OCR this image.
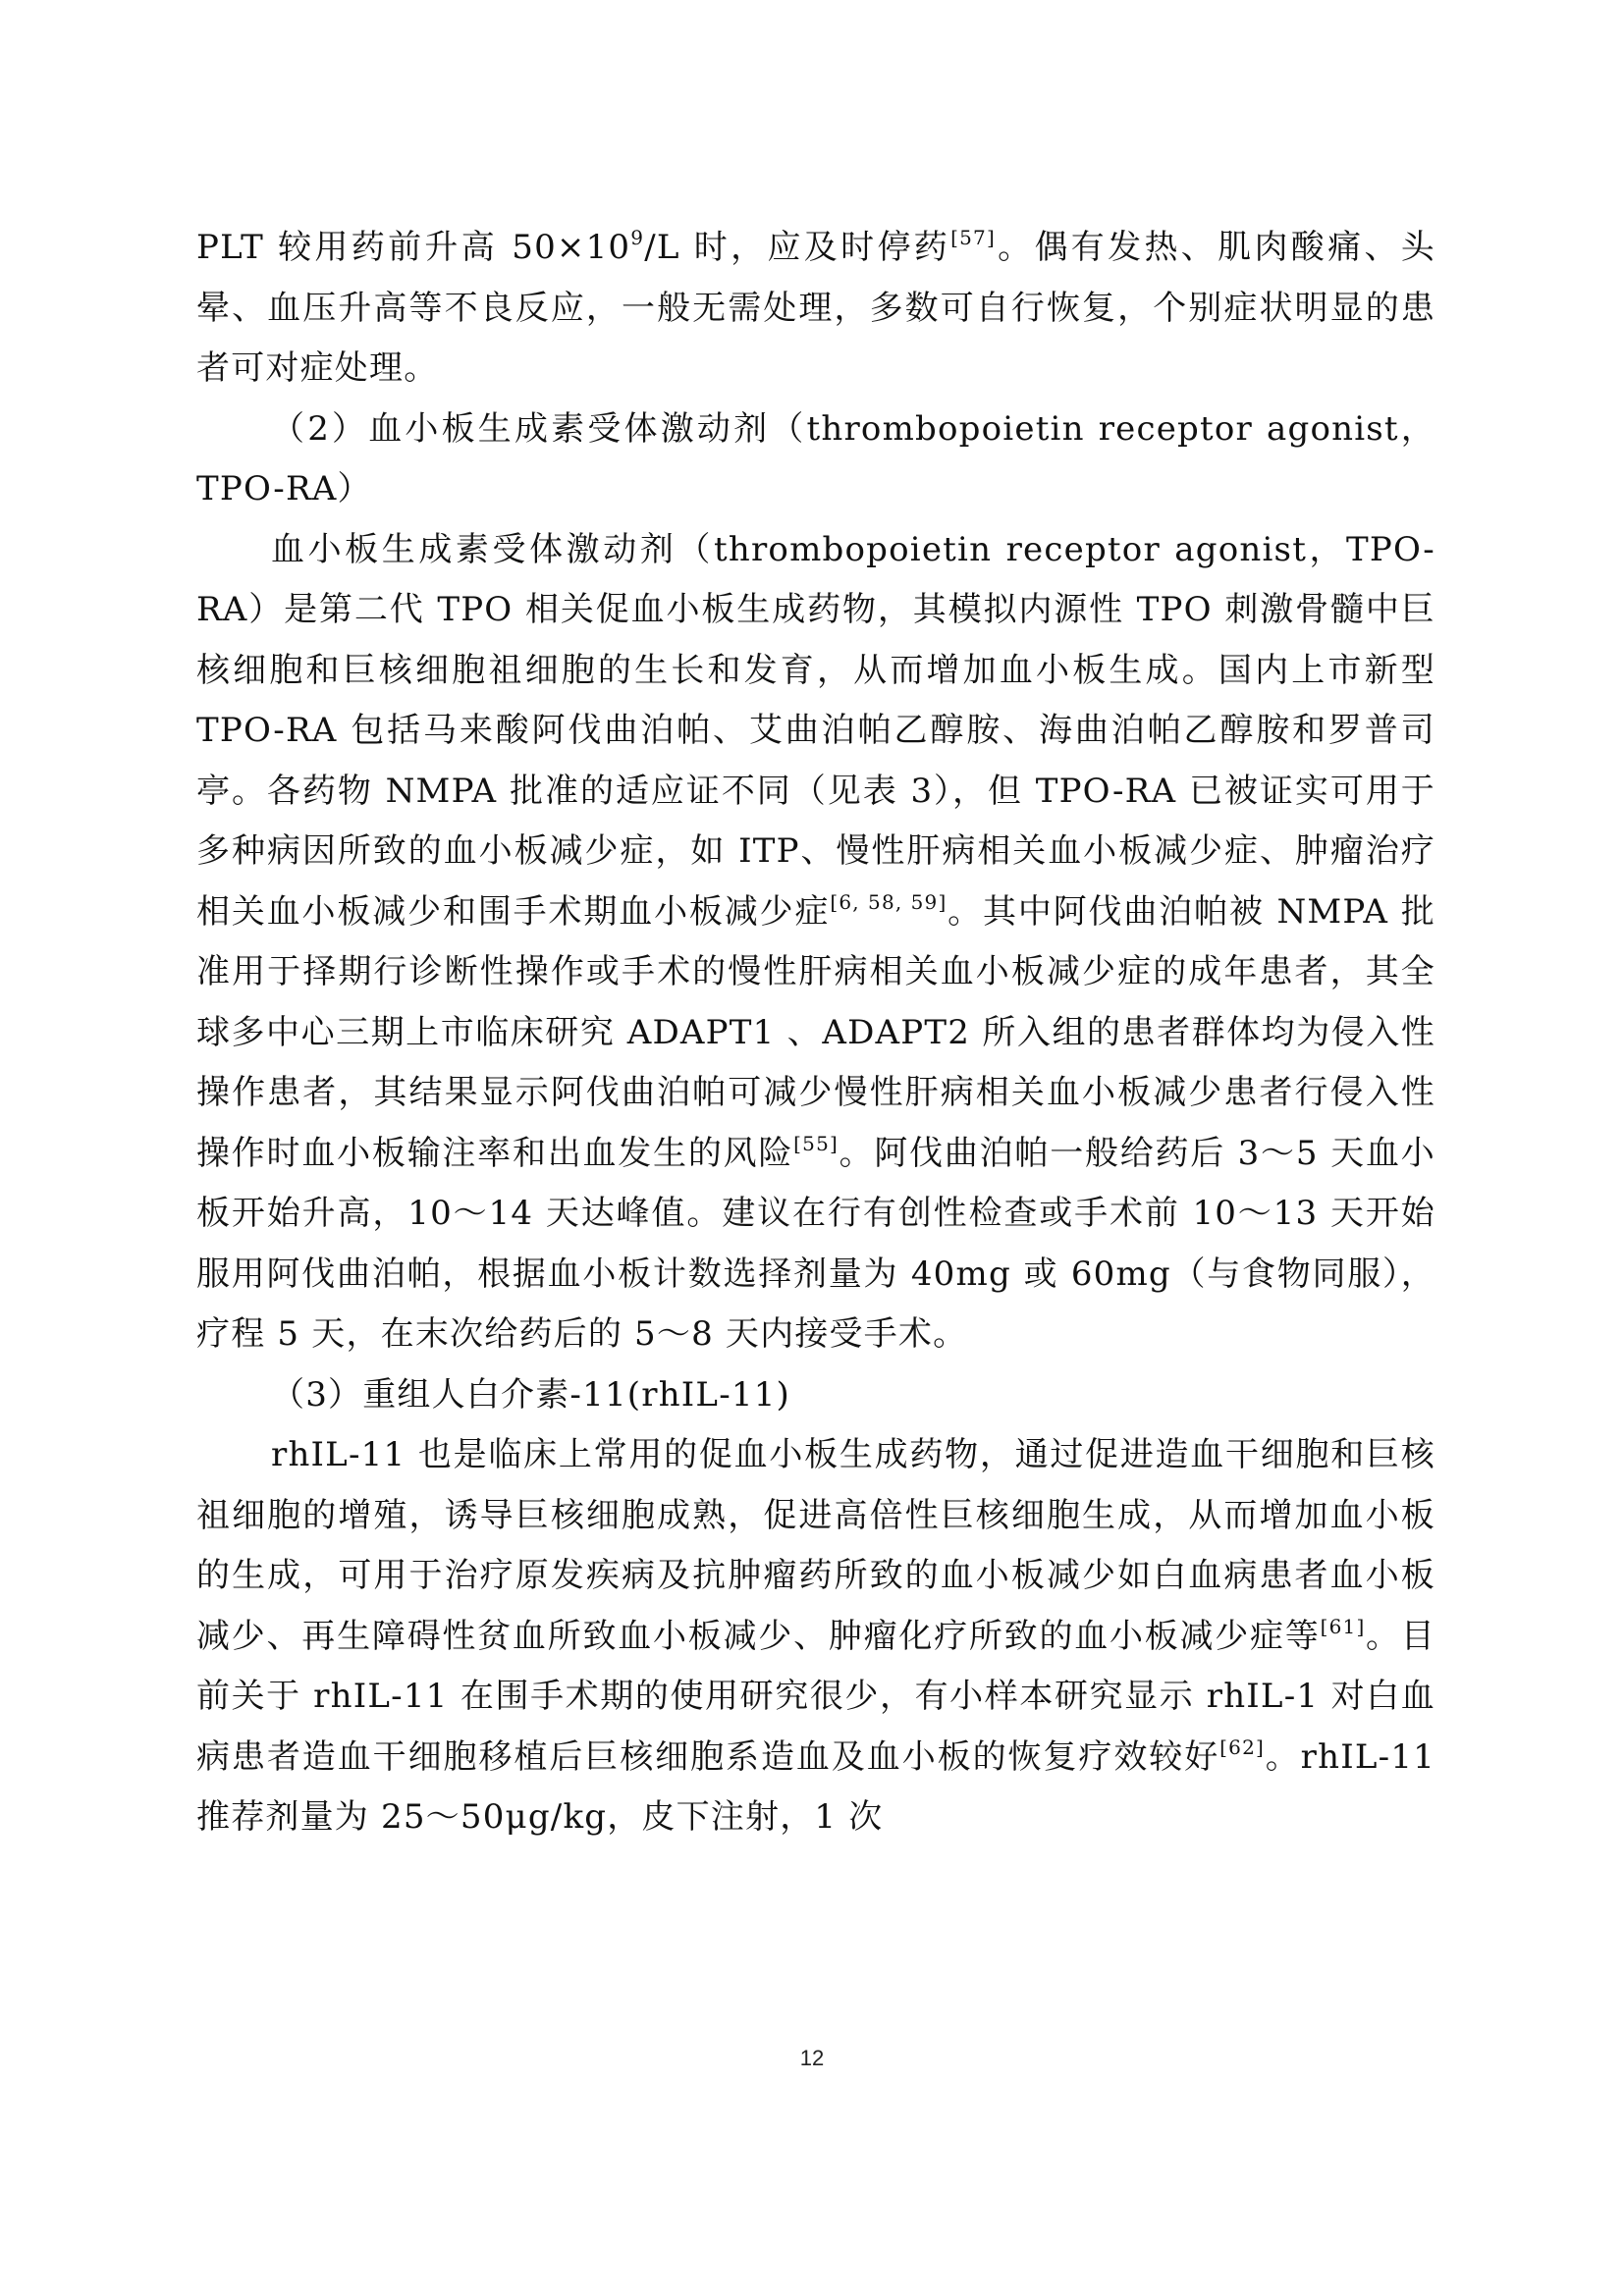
PLT 较用药前升高 $50\times 10^9/L$ 时，应及时停药[57]。偶有发热、肌肉酸痛、头晕、血压升高等不良反应，一般无需处理，多数可自行恢复，个别症状明显的患者可对症处理。

（2）血小板生成素受体激动剂（thrombopoietin receptor agonist，TPO-RA）

血小板生成素受体激动剂（thrombopoietin receptor agonist，TPO-RA）是第二代 TPO 相关促血小板生成药物，其模拟内源性 TPO 刺激骨髓中巨核细胞和巨核细胞祖细胞的生长和发育，从而增加血小板生成。国内上市新型 TPO-RA 包括马来酸阿伐曲泊帕、艾曲泊帕乙醇胺、海曲泊帕乙醇胺和罗普司亭。各药物 NMPA 批准的适应证不同（见表 3），但 TPO-RA 已被证实可用于多种病因所致的血小板减少症，如 ITP、慢性肝病相关血小板减少症、肿瘤治疗相关血小板减少和围手术期血小板减少症[6, 58, 59]。其中阿伐曲泊帕被 NMPA 批准用于择期行诊断性操作或手术的慢性肝病相关血小板减少症的成年患者，其全球多中心三期上市临床研究 ADAPT1 、ADAPT2 所入组的患者群体均为侵入性操作患者，其结果显示阿伐曲泊帕可减少慢性肝病相关血小板减少患者行侵入性操作时血小板输注率和出血发生的风险[55]。阿伐曲泊帕一般给药后 3～5 天血小板开始升高，10～14 天达峰值。建议在行有创性检查或手术前 10～13 天开始服用阿伐曲泊帕，根据血小板计数选择剂量为 40mg 或 60mg（与食物同服），疗程 5 天，在末次给药后的 5～8 天内接受手术。

（3）重组人白介素-11(rhIL-11)

rhIL-11 也是临床上常用的促血小板生成药物，通过促进造血干细胞和巨核祖细胞的增殖，诱导巨核细胞成熟，促进高倍性巨核细胞生成，从而增加血小板的生成，可用于治疗原发疾病及抗肿瘤药所致的血小板减少如白血病患者血小板减少、再生障碍性贫血所致血小板减少、肿瘤化疗所致的血小板减少症等[61]。目前关于 rhIL-11 在围手术期的使用研究很少，有小样本研究显示 rhIL-1 对白血病患者造血干细胞移植后巨核细胞系造血及血小板的恢复疗效较好[62]。rhIL-11 推荐剂量为 25～50μg/kg，皮下注射，1 次

12
